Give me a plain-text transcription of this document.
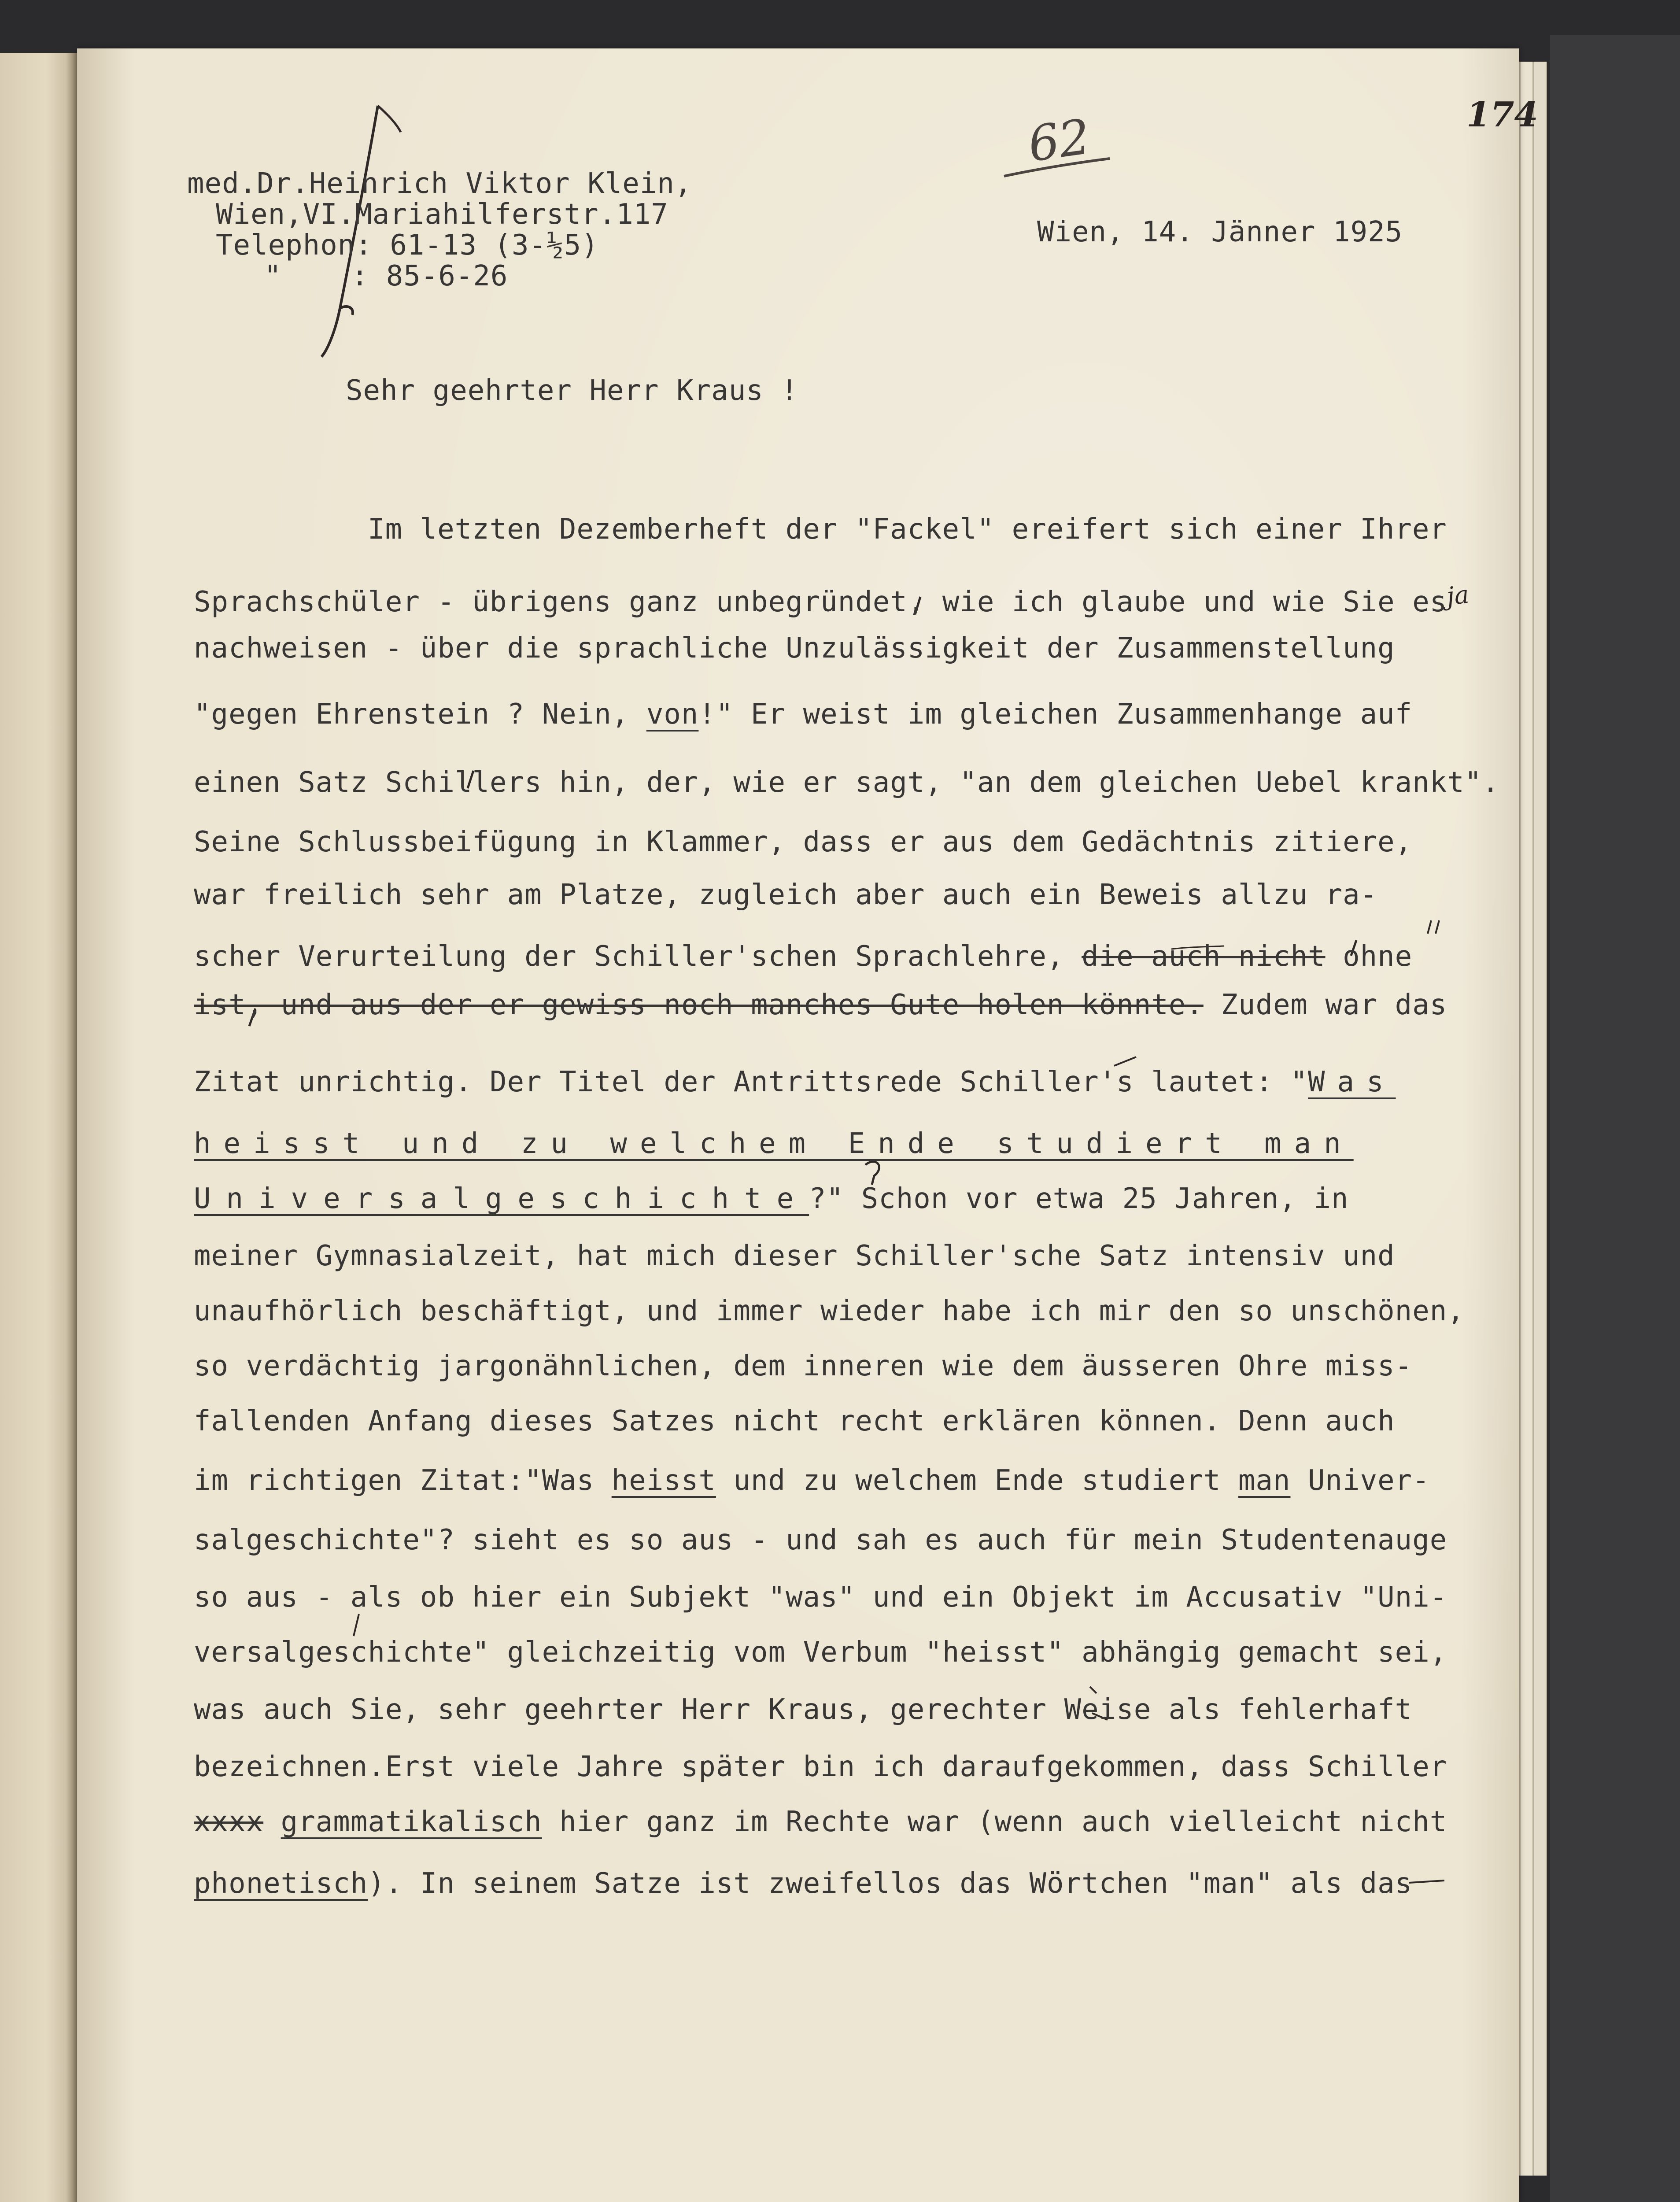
174
62
ja
med.Dr.Heinrich Viktor Klein,
Wien,VI.Mariahilferstr.117
Telephon: 61-13 (3-½5)
"    : 85-6-26
Wien, 14. Jänner 1925
Sehr geehrter Herr Kraus !
Im letzten Dezemberheft der "Fackel" ereifert sich einer Ihrer
Sprachschüler - übrigens ganz unbegründet, wie ich glaube und wie Sie es
nachweisen - über die sprachliche Unzulässigkeit der Zusammenstellung
"gegen Ehrenstein ? Nein, von!" Er weist im gleichen Zusammenhange auf
einen Satz Schillers hin, der, wie er sagt, "an dem gleichen Uebel krankt".
Seine Schlussbeifügung in Klammer, dass er aus dem Gedächtnis zitiere,
war freilich sehr am Platze, zugleich aber auch ein Beweis allzu ra-
scher Verurteilung der Schiller'schen Sprachlehre, die auch nicht ohne
ist, und aus der er gewiss noch manches Gute holen könnte. Zudem war das
Zitat unrichtig. Der Titel der Antrittsrede Schiller's lautet: "Was
heisst und zu welchem Ende studiert man
Universalgeschichte?" Schon vor etwa 25 Jahren, in
meiner Gymnasialzeit, hat mich dieser Schiller'sche Satz intensiv und
unaufhörlich beschäftigt, und immer wieder habe ich mir den so unschönen,
so verdächtig jargonähnlichen, dem inneren wie dem äusseren Ohre miss-
fallenden Anfang dieses Satzes nicht recht erklären können. Denn auch
im richtigen Zitat:"Was heisst und zu welchem Ende studiert man Univer-
salgeschichte"? sieht es so aus - und sah es auch für mein Studentenauge
so aus - als ob hier ein Subjekt "was" und ein Objekt im Accusativ "Uni-
versalgeschichte" gleichzeitig vom Verbum "heisst" abhängig gemacht sei,
was auch Sie, sehr geehrter Herr Kraus, gerechter Weise als fehlerhaft
bezeichnen.Erst viele Jahre später bin ich daraufgekommen, dass Schiller
xxxx grammatikalisch hier ganz im Rechte war (wenn auch vielleicht nicht
phonetisch). In seinem Satze ist zweifellos das Wörtchen "man" als das
